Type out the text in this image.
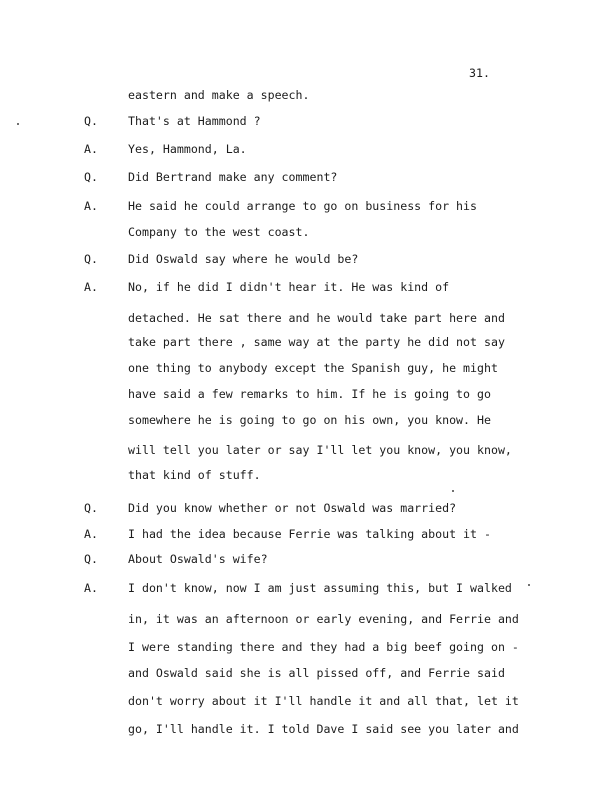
31.
eastern and make a speech.
Q.	That's at Hammond ?
A.	Yes, Hammond, La.
Q.	Did Bertrand make any comment?
A.	He said he could arrange to go on business for his
Company to the west coast.
Q.	Did Oswald say where he would be?
A.	No, if he did I didn't hear it. He was kind of
detached. He sat there and he would take part here and
take part there , same way at the party he did not say
one thing to anybody except the Spanish guy, he might
have said a few remarks to him. If he is going to go
somewhere he is going to go on his own, you know. He
will tell you later or say I'll let you know, you know,
that kind of stuff.
Q.	Did you know whether or not Oswald was married?
A.	I had the idea because Ferrie was talking about it -
Q.	About Oswald's wife?
A.	I don't know, now I am just assuming this, but I walked
in, it was an afternoon or early evening, and Ferrie and
I were standing there and they had a big beef going on -
and Oswald said she is all pissed off, and Ferrie said
don't worry about it I'll handle it and all that, let it
go, I'll handle it. I told Dave I said see you later and
